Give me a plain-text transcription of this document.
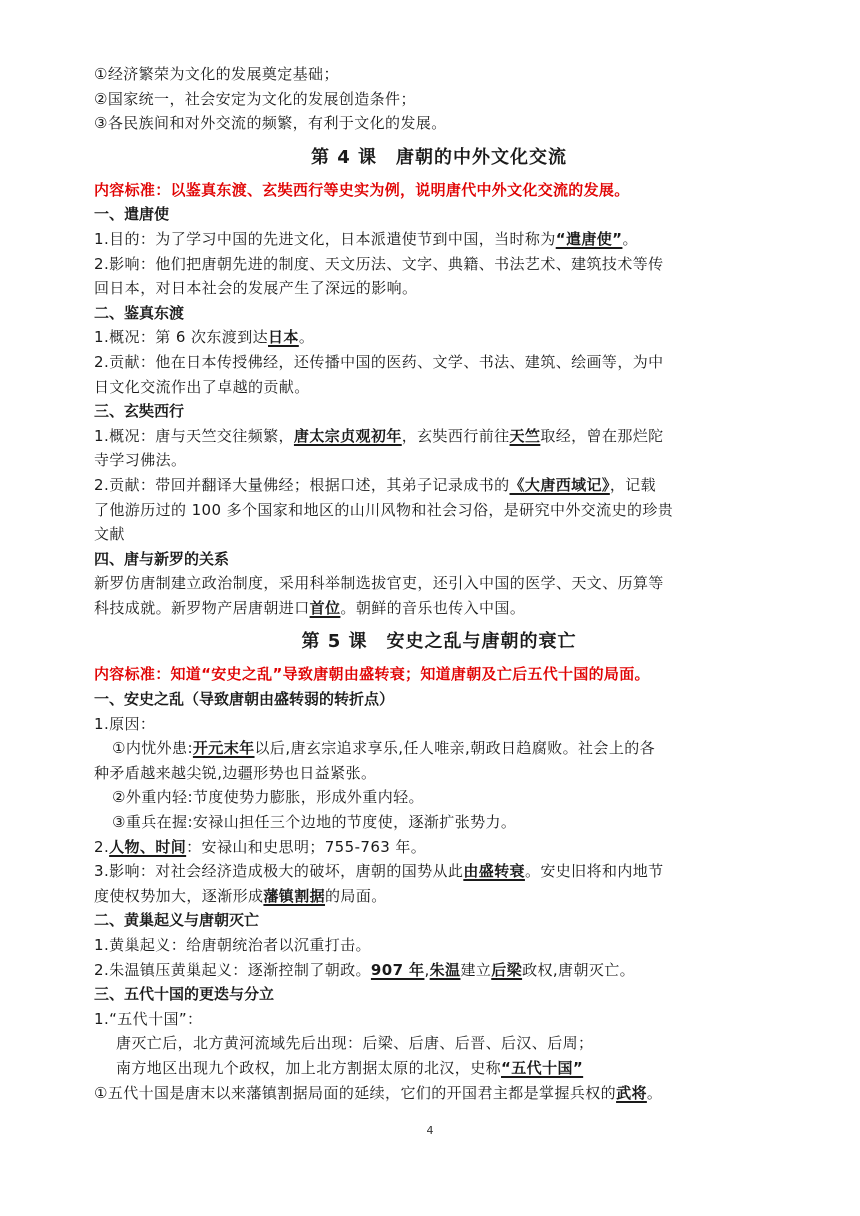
①经济繁荣为文化的发展奠定基础；
②国家统一，社会安定为文化的发展创造条件；
③各民族间和对外交流的频繁，有利于文化的发展。
第 4 课　唐朝的中外文化交流
内容标准：以鉴真东渡、玄奘西行等史实为例，说明唐代中外文化交流的发展。
一、遣唐使
1.目的：为了学习中国的先进文化，日本派遣使节到中国，当时称为“遣唐使”。
2.影响：他们把唐朝先进的制度、天文历法、文字、典籍、书法艺术、建筑技术等传
回日本，对日本社会的发展产生了深远的影响。
二、鉴真东渡
1.概况：第 6 次东渡到达日本。
2.贡献：他在日本传授佛经，还传播中国的医药、文学、书法、建筑、绘画等，为中
日文化交流作出了卓越的贡献。
三、玄奘西行
1.概况：唐与天竺交往频繁，唐太宗贞观初年，玄奘西行前往天竺取经，曾在那烂陀
寺学习佛法。
2.贡献：带回并翻译大量佛经；根据口述，其弟子记录成书的《大唐西域记》，记载
了他游历过的 100 多个国家和地区的山川风物和社会习俗，是研究中外交流史的珍贵
文献
四、唐与新罗的关系
新罗仿唐制建立政治制度，采用科举制选拔官吏，还引入中国的医学、天文、历算等
科技成就。新罗物产居唐朝进口首位。朝鲜的音乐也传入中国。
第 5 课　安史之乱与唐朝的衰亡
内容标准：知道“安史之乱”导致唐朝由盛转衰；知道唐朝及亡后五代十国的局面。
一、安史之乱（导致唐朝由盛转弱的转折点）
1.原因：
①内忧外患:开元末年以后,唐玄宗追求享乐,任人唯亲,朝政日趋腐败。社会上的各
种矛盾越来越尖锐,边疆形势也日益紧张。
②外重内轻:节度使势力膨胀，形成外重内轻。
③重兵在握:安禄山担任三个边地的节度使，逐渐扩张势力。
2.人物、时间：安禄山和史思明；755-763 年。
3.影响：对社会经济造成极大的破坏，唐朝的国势从此由盛转衰。安史旧将和内地节
度使权势加大，逐渐形成藩镇割据的局面。
二、黄巢起义与唐朝灭亡
1.黄巢起义：给唐朝统治者以沉重打击。
2.朱温镇压黄巢起义：逐渐控制了朝政。907 年,朱温建立后梁政权,唐朝灭亡。
三、五代十国的更迭与分立
1.“五代十国”：
唐灭亡后，北方黄河流域先后出现：后梁、后唐、后晋、后汉、后周；
南方地区出现九个政权，加上北方割据太原的北汉，史称“五代十国”
①五代十国是唐末以来藩镇割据局面的延续，它们的开国君主都是掌握兵权的武将。
4
